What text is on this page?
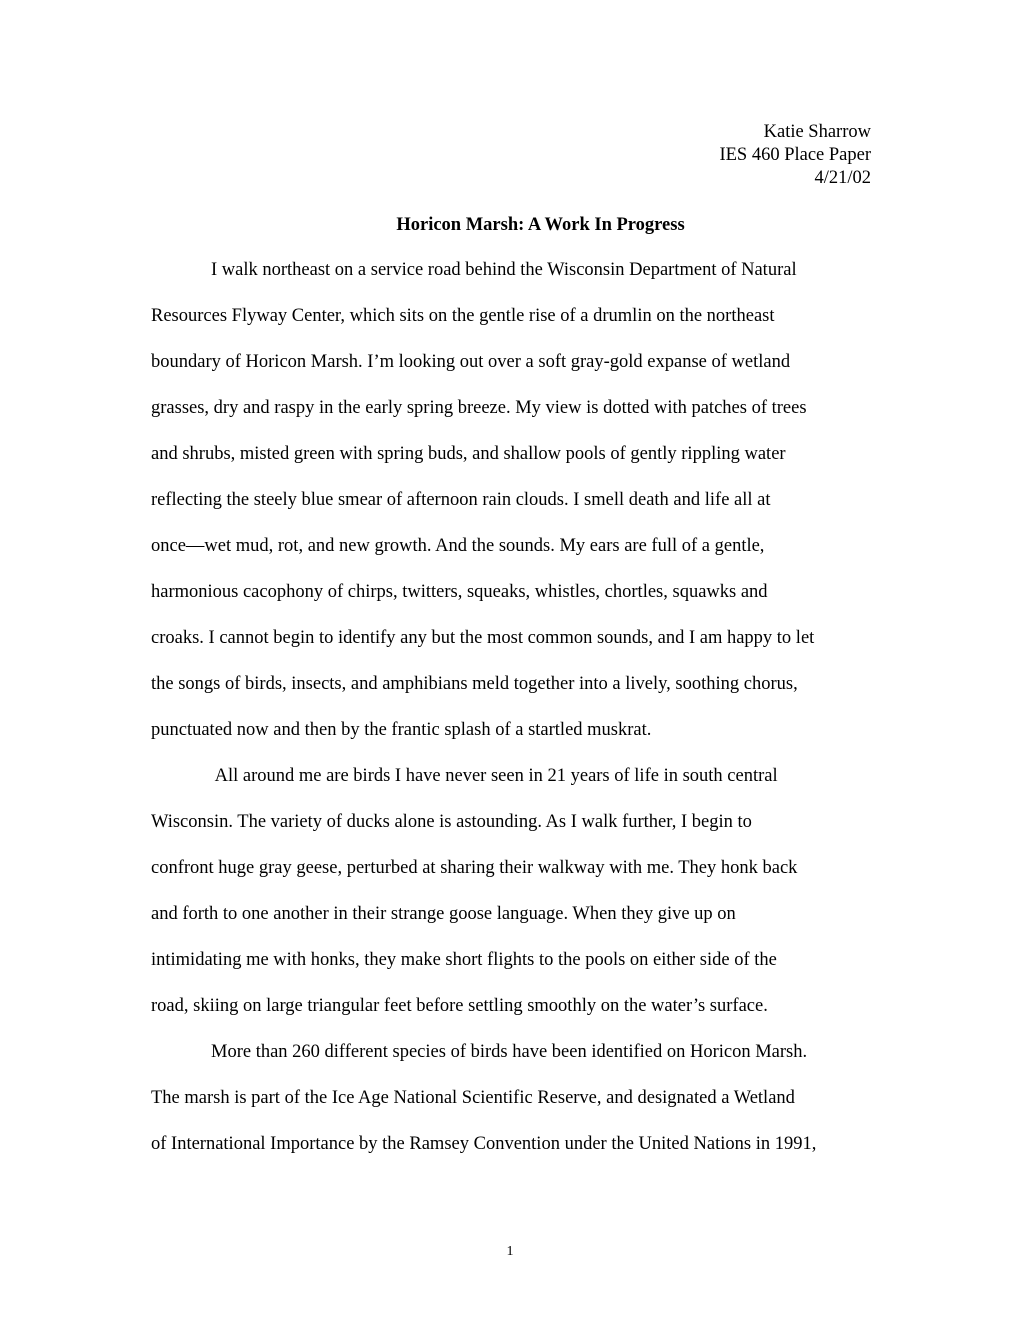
Katie Sharrow
IES 460 Place Paper
4/21/02
Horicon Marsh: A Work In Progress
I walk northeast on a service road behind the Wisconsin Department of Natural
Resources Flyway Center, which sits on the gentle rise of a drumlin on the northeast
boundary of Horicon Marsh. I’m looking out over a soft gray-gold expanse of wetland
grasses, dry and raspy in the early spring breeze. My view is dotted with patches of trees
and shrubs, misted green with spring buds, and shallow pools of gently rippling water
reflecting the steely blue smear of afternoon rain clouds. I smell death and life all at
once—wet mud, rot, and new growth. And the sounds. My ears are full of a gentle,
harmonious cacophony of chirps, twitters, squeaks, whistles, chortles, squawks and
croaks. I cannot begin to identify any but the most common sounds, and I am happy to let
the songs of birds, insects, and amphibians meld together into a lively, soothing chorus,
punctuated now and then by the frantic splash of a startled muskrat.
All around me are birds I have never seen in 21 years of life in south central
Wisconsin. The variety of ducks alone is astounding. As I walk further, I begin to
confront huge gray geese, perturbed at sharing their walkway with me. They honk back
and forth to one another in their strange goose language. When they give up on
intimidating me with honks, they make short flights to the pools on either side of the
road, skiing on large triangular feet before settling smoothly on the water’s surface.
More than 260 different species of birds have been identified on Horicon Marsh.
The marsh is part of the Ice Age National Scientific Reserve, and designated a Wetland
of International Importance by the Ramsey Convention under the United Nations in 1991,
1
